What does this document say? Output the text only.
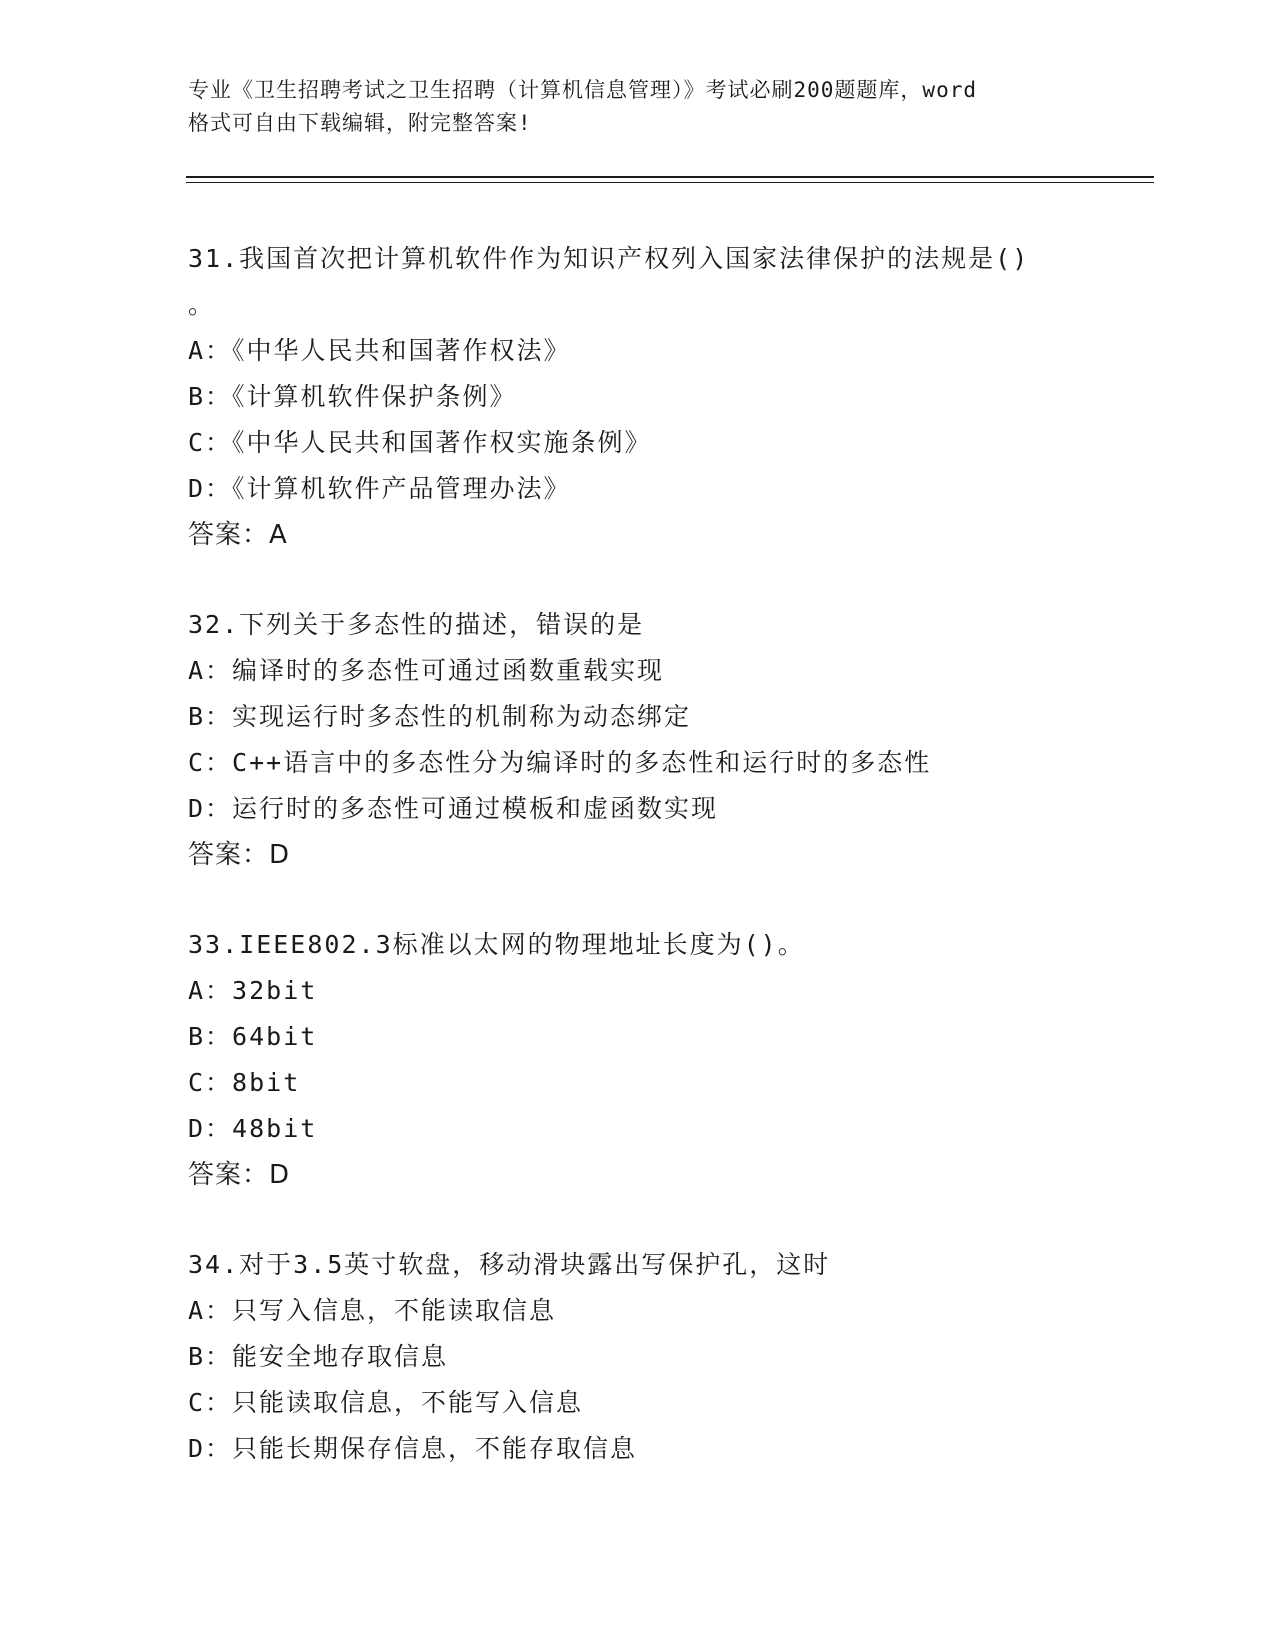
专业《卫生招聘考试之卫生招聘（计算机信息管理）》考试必刷200题题库，word
格式可自由下载编辑，附完整答案!

31.我国首次把计算机软件作为知识产权列入国家法律保护的法规是()

。

A：《中华人民共和国著作权法》

B：《计算机软件保护条例》

C：《中华人民共和国著作权实施条例》

D：《计算机软件产品管理办法》

答案：A

32.下列关于多态性的描述，错误的是

A：编译时的多态性可通过函数重载实现

B：实现运行时多态性的机制称为动态绑定

C：C++语言中的多态性分为编译时的多态性和运行时的多态性

D：运行时的多态性可通过模板和虚函数实现

答案：D

33.IEEE802.3标准以太网的物理地址长度为()。

A：32bit

B：64bit

C：8bit

D：48bit

答案：D

34.对于3.5英寸软盘，移动滑块露出写保护孔，这时

A：只写入信息，不能读取信息

B：能安全地存取信息

C：只能读取信息，不能写入信息

D：只能长期保存信息，不能存取信息
